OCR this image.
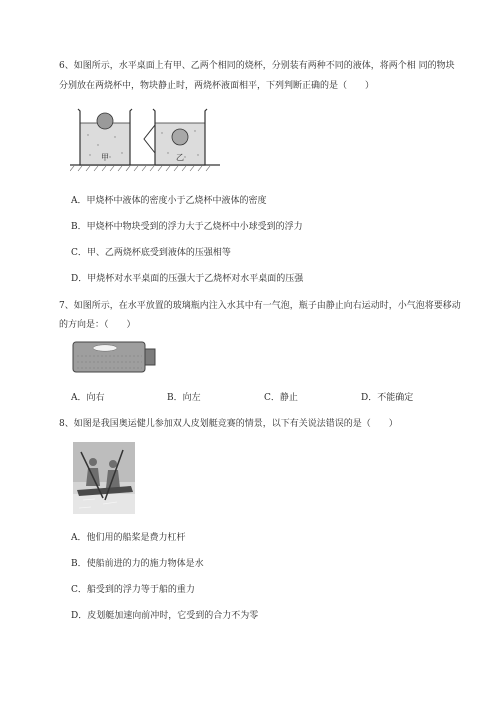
6、如图所示，水平桌面上有甲、乙两个相同的烧杯，分别装有两种不同的液体，将两个相 同的物块
分别放在两烧杯中，物块静止时，两烧杯液面相平，下列判断正确的是（　　）
甲	乙
A．甲烧杯中液体的密度小于乙烧杯中液体的密度
B．甲烧杯中物块受到的浮力大于乙烧杯中小球受到的浮力
C．甲、乙两烧杯底受到液体的压强相等
D．甲烧杯对水平桌面的压强大于乙烧杯对水平桌面的压强
7、如图所示，在水平放置的玻璃瓶内注入水其中有一气泡，瓶子由静止向右运动时，小气泡将要移动
的方向是：（　　）
A．向右	B．向左	C．静止	D．不能确定
8、如图是我国奥运健儿参加双人皮划艇竞赛的情景，以下有关说法错误的是（　　）
A．他们用的船桨是费力杠杆
B．使船前进的力的施力物体是水
C．船受到的浮力等于船的重力
D．皮划艇加速向前冲时，它受到的合力不为零
